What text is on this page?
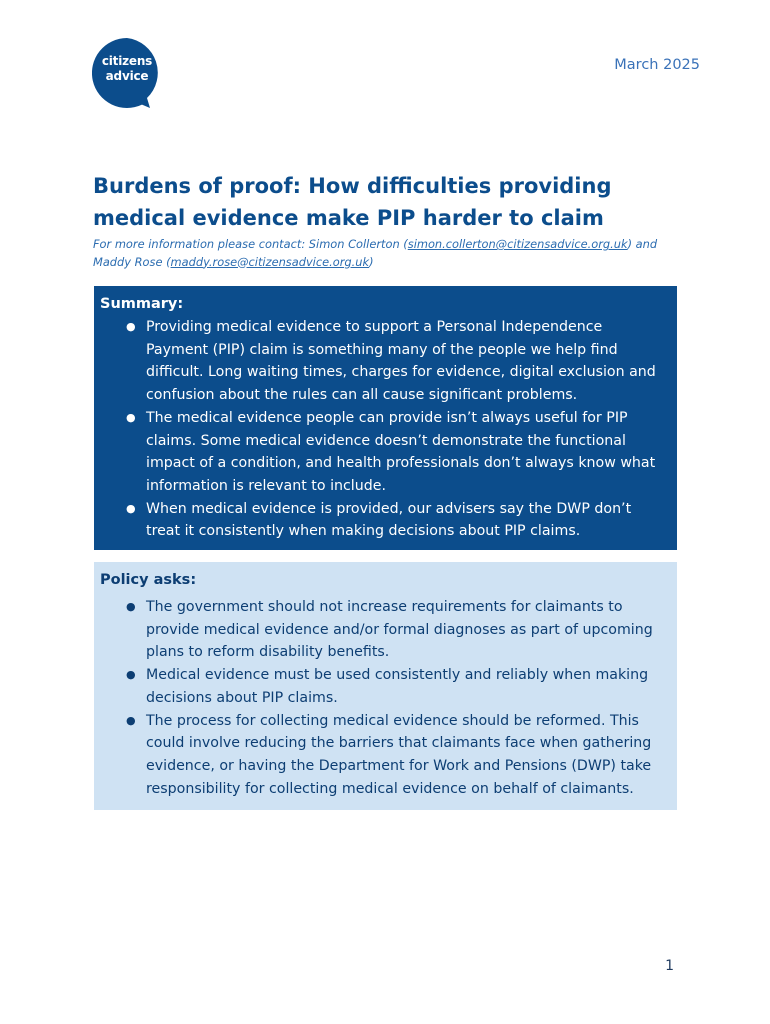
citizens
advice
March 2025
Burdens of proof: How difficulties providing medical evidence make PIP harder to claim

For more information please contact: Simon Collerton (simon.collerton@citizensadvice.org.uk) and Maddy Rose (maddy.rose@citizensadvice.org.uk)

Summary:
● Providing medical evidence to support a Personal Independence Payment (PIP) claim is something many of the people we help find difficult. Long waiting times, charges for evidence, digital exclusion and confusion about the rules can all cause significant problems.
● The medical evidence people can provide isn’t always useful for PIP claims. Some medical evidence doesn’t demonstrate the functional impact of a condition, and health professionals don’t always know what information is relevant to include.
● When medical evidence is provided, our advisers say the DWP don’t treat it consistently when making decisions about PIP claims.
Policy asks:
● The government should not increase requirements for claimants to provide medical evidence and/or formal diagnoses as part of upcoming plans to reform disability benefits.
● Medical evidence must be used consistently and reliably when making decisions about PIP claims.
● The process for collecting medical evidence should be reformed. This could involve reducing the barriers that claimants face when gathering evidence, or having the Department for Work and Pensions (DWP) take responsibility for collecting medical evidence on behalf of claimants.
1
